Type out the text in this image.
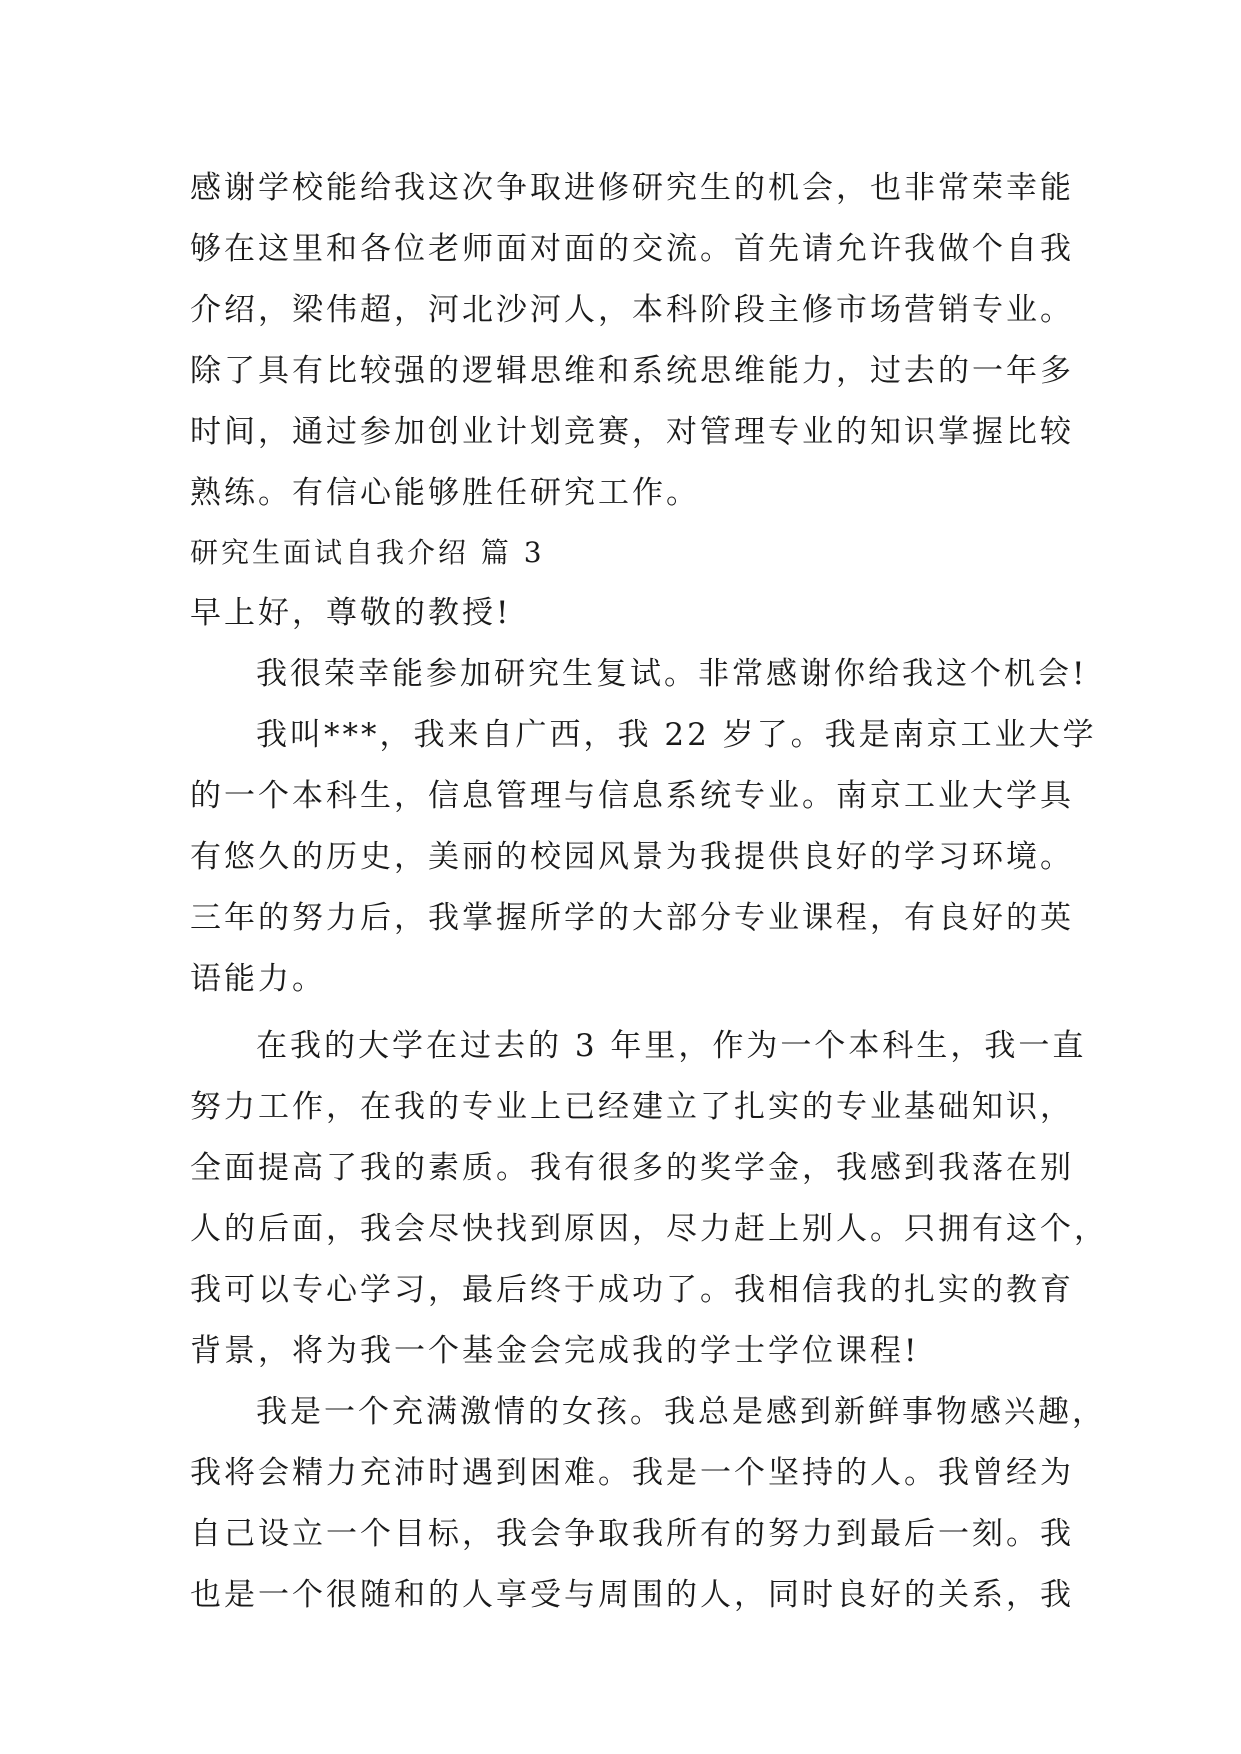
感谢学校能给我这次争取进修研究生的机会，也非常荣幸能
够在这里和各位老师面对面的交流。首先请允许我做个自我
介绍，梁伟超，河北沙河人，本科阶段主修市场营销专业。
除了具有比较强的逻辑思维和系统思维能力，过去的一年多
时间，通过参加创业计划竞赛，对管理专业的知识掌握比较
熟练。有信心能够胜任研究工作。
研究生面试自我介绍 篇 3
早上好，尊敬的教授!
我很荣幸能参加研究生复试。非常感谢你给我这个机会!
我叫***，我来自广西，我 22 岁了。我是南京工业大学
的一个本科生，信息管理与信息系统专业。南京工业大学具
有悠久的历史，美丽的校园风景为我提供良好的学习环境。
三年的努力后，我掌握所学的大部分专业课程，有良好的英
语能力。
在我的大学在过去的 3 年里，作为一个本科生，我一直
努力工作，在我的专业上已经建立了扎实的专业基础知识，
全面提高了我的素质。我有很多的奖学金，我感到我落在别
人的后面，我会尽快找到原因，尽力赶上别人。只拥有这个，
我可以专心学习，最后终于成功了。我相信我的扎实的教育
背景，将为我一个基金会完成我的学士学位课程!
我是一个充满激情的女孩。我总是感到新鲜事物感兴趣，
我将会精力充沛时遇到困难。我是一个坚持的人。我曾经为
自己设立一个目标，我会争取我所有的努力到最后一刻。我
也是一个很随和的人享受与周围的人，同时良好的关系，我
